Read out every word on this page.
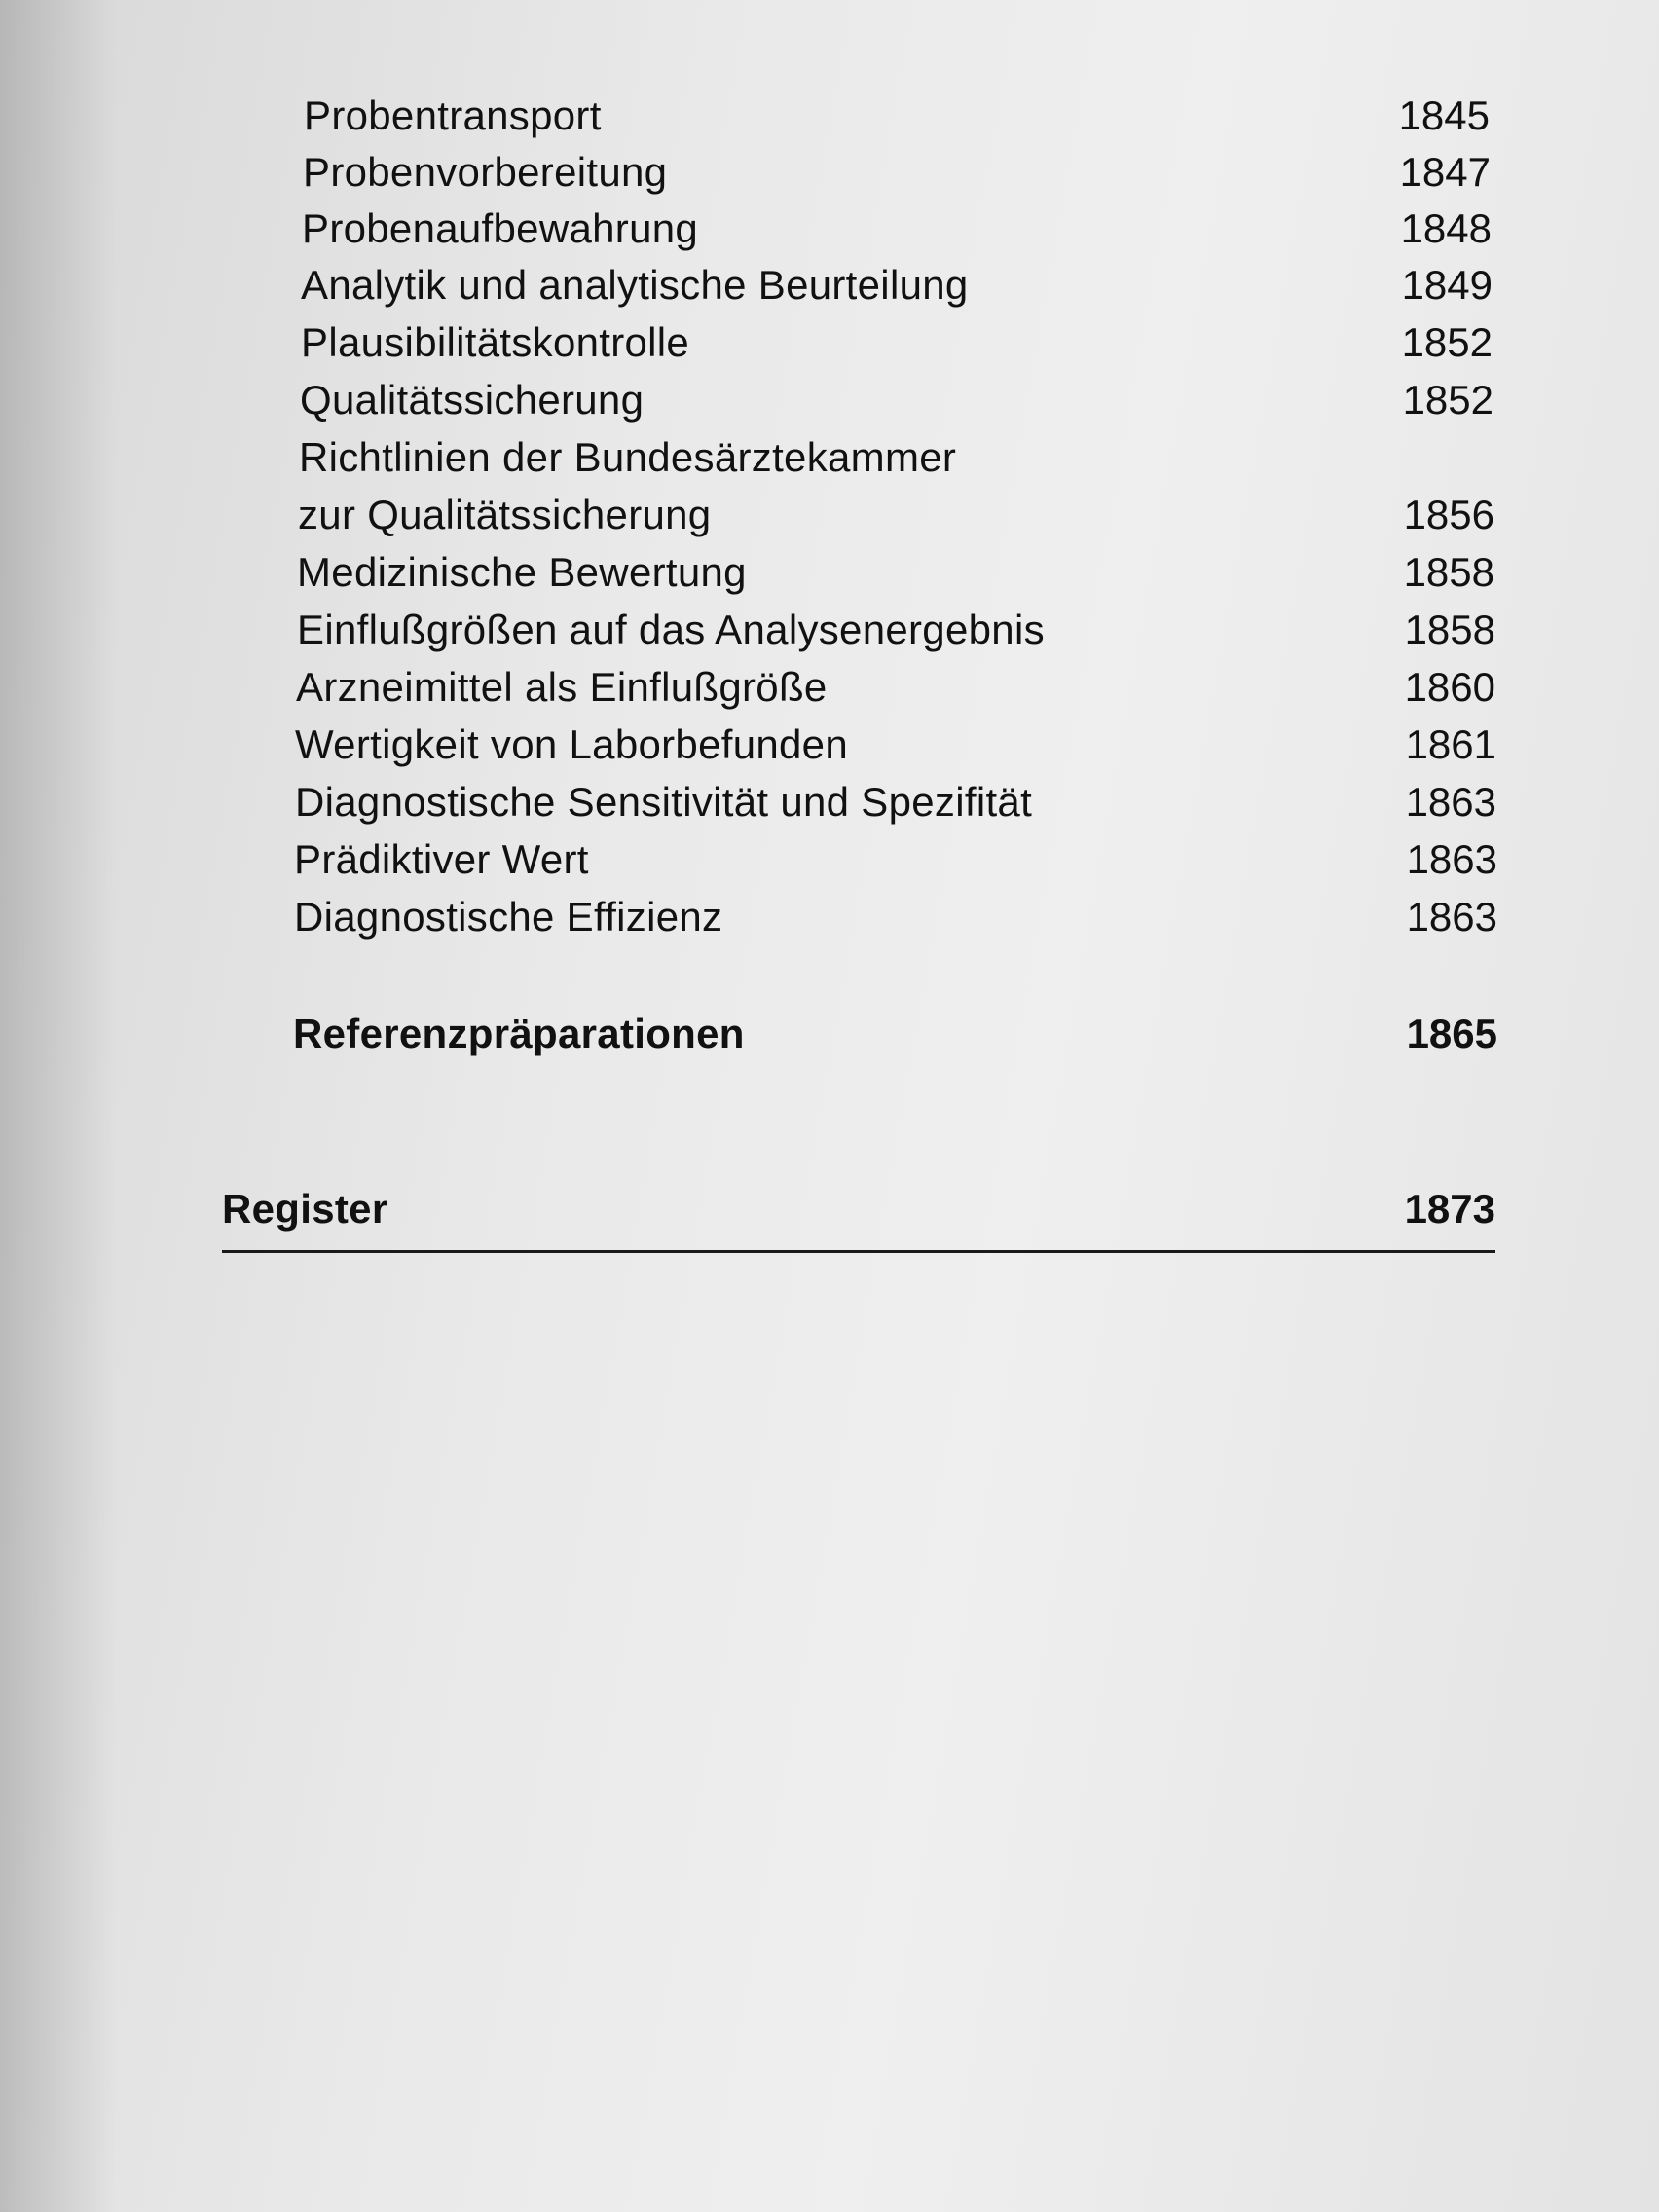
Probentransport	1845
Probenvorbereitung	1847
Probenaufbewahrung	1848
Analytik und analytische Beurteilung	1849
Plausibilitätskontrolle	1852
Qualitätssicherung	1852
Richtlinien der Bundesärztekammer
zur Qualitätssicherung	1856
Medizinische Bewertung	1858
Einflußgrößen auf das Analysenergebnis	1858
Arzneimittel als Einflußgröße	1860
Wertigkeit von Laborbefunden	1861
Diagnostische Sensitivität und Spezifität	1863
Prädiktiver Wert	1863
Diagnostische Effizienz	1863
Referenzpräparationen	1865
Register	1873
